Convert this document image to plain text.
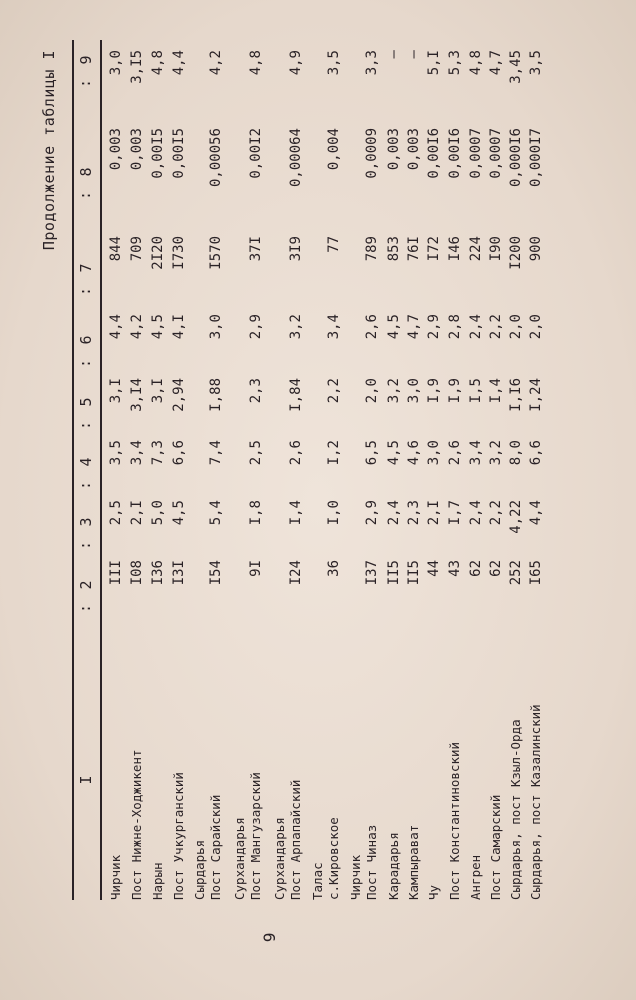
Продолжение таблицы I
I
2
:
3
:
4
:
5
:
6
:
7
:
8
:
9
:
Чирчик
III
2,5
3,5
3,I
4,4
844
0,003
3,0
Пост Нижне-Ходжикент
I08
2,I
3,4
3,I4
4,2
709
0,003
3,I5
Нарын
I36
5,0
7,3
3,I
4,5
2I20
0,00I5
4,8
Пост Учкурганский
I3I
4,5
6,6
2,94
4,I
I730
0,00I5
4,4
Сырдарья Пост Сарайский
I54
5,4
7,4
I,88
3,0
I570
0,00056
4,2
Сурхандарья Пост Мангузарский
9I
I,8
2,5
2,3
2,9
37I
0,00I2
4,8
Сурхандарья Пост Арпапайский
I24
I,4
2,6
I,84
3,2
3I9
0,00064
4,9
Талас с.Кировское
36
I,0
I,2
2,2
3,4
77
0,004
3,5
Чирчик Пост Чиназ
I37
2,9
6,5
2,0
2,6
789
0,0009
3,3
Карадарья
II5
2,4
4,5
3,2
4,5
853
0,003
—
Кампырават
II5
2,3
4,6
3,0
4,7
76I
0,003
—
Чу
44
2,I
3,0
I,9
2,9
I72
0,00I6
5,I
Пост Константиновский
43
I,7
2,6
I,9
2,8
I46
0,00I6
5,3
Ангрен
62
2,4
3,4
I,5
2,4
224
0,0007
4,8
Пост Самарский
62
2,2
3,2
I,4
2,2
I90
0,0007
4,7
Сырдарья, пост Кзыл-Орда
252
4,22
8,0
I,I6
2,0
I200
0,000I6
3,45
Сырдарья, пост Казалинский
I65
4,4
6,6
I,24
2,0
900
0,000I7
3,5
6
